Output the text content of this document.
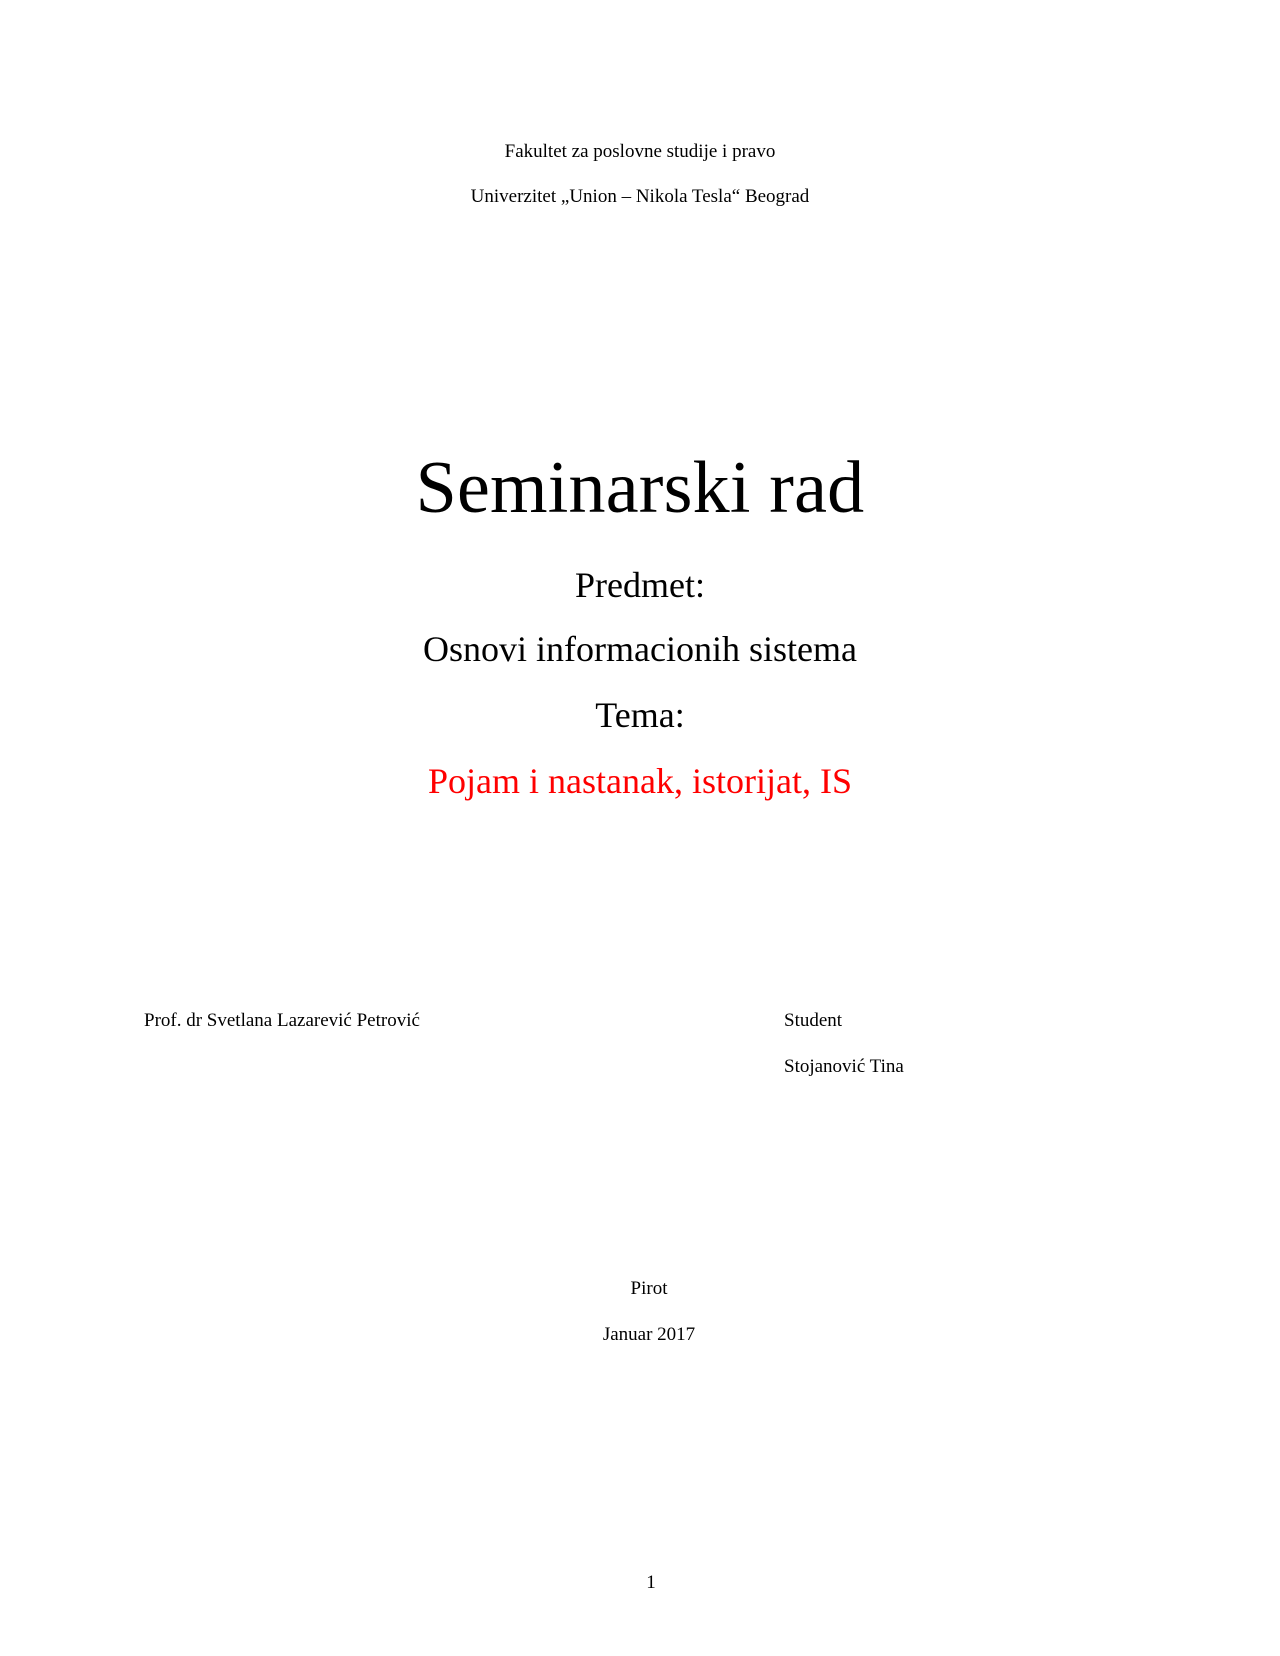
Fakultet za poslovne studije i pravo
Univerzitet „Union – Nikola Tesla“ Beograd
Seminarski rad
Predmet:
Osnovi informacionih sistema
Tema:
Pojam i nastanak, istorijat, IS
Prof. dr Svetlana Lazarević Petrović	Student
Stojanović Tina
Pirot
Januar 2017
1
